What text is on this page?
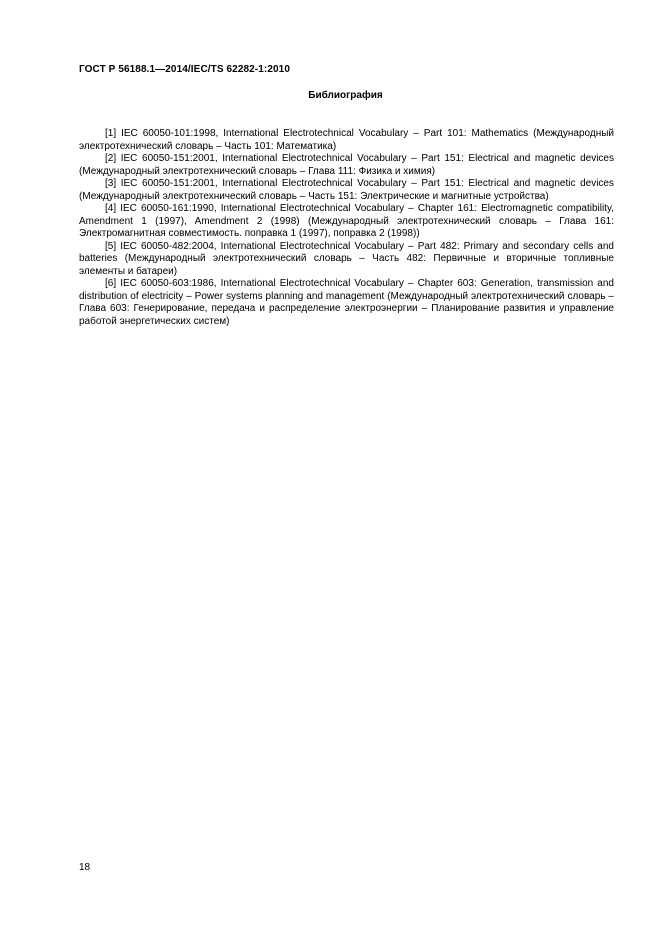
ГОСТ Р 56188.1—2014/IEC/TS 62282-1:2010
Библиография

[1] IEC 60050-101:1998, International Electrotechnical Vocabulary – Part 101: Mathematics (Международный электротехнический словарь – Часть 101: Математика)

[2] IEC 60050-151:2001, International Electrotechnical Vocabulary – Part 151: Electrical and magnetic devices (Международный электротехнический словарь – Глава 111: Физика и химия)

[3] IEC 60050-151:2001, International Electrotechnical Vocabulary – Part 151: Electrical and magnetic devices (Международный электротехнический словарь – Часть 151: Электрические и магнитные устройства)

[4] IEC 60050-161:1990, International Electrotechnical Vocabulary – Chapter 161: Electromagnetic compatibility, Amendment 1 (1997), Amendment 2 (1998) (Международный электротехнический словарь – Глава 161: Электромагнитная совместимость. поправка 1 (1997), поправка 2 (1998))

[5] IEC 60050-482:2004, International Electrotechnical Vocabulary – Part 482: Primary and secondary cells and batteries (Международный электротехнический словарь – Часть 482: Первичные и вторичные топливные элементы и батареи)

[6] IEC 60050-603:1986, International Electrotechnical Vocabulary – Chapter 603: Generation, transmission and distribution of electricity – Power systems planning and management (Международный электротехнический словарь – Глава 603: Генерирование, передача и распределение электроэнергии – Планирование развития и управление работой энергетических систем)

18
